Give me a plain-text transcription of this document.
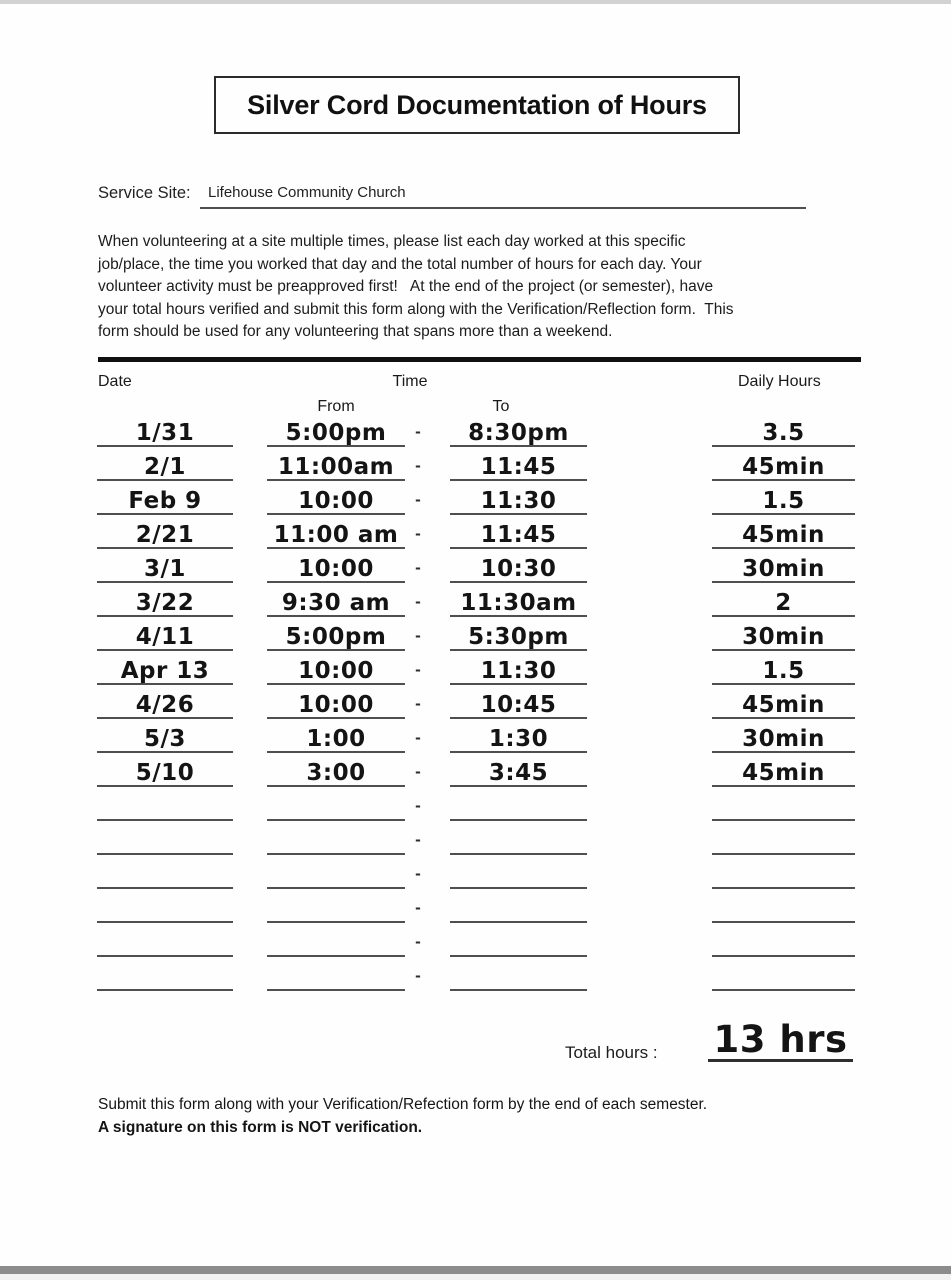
Silver Cord Documentation of Hours
Service Site: Lifehouse Community Church
When volunteering at a site multiple times, please list each day worked at this specific
job/place, the time you worked that day and the total number of hours for each day. Your
volunteer activity must be preapproved first!   At the end of the project (or semester), have
your total hours verified and submit this form along with the Verification/Reflection form.  This
form should be used for any volunteering that spans more than a weekend.
Date	Time	Daily Hours
From	To
1/31	5:00pm	-	8:30pm	3.5
2/1	11:00am	-	11:45	45min
Feb 9	10:00	-	11:30	1.5
2/21	11:00 am -	11:45	45min
3/1	10:00	-	10:30	30min
3/22	9:30 am	-	11:30am	2
4/11	5:00pm	-	5:30pm	30min
Apr 13	10:00	-	11:30	1.5
4/26	10:00	-	10:45	45min
5/3	1:00	-	1:30	30min
5/10	3:00	-	3:45	45min
-
-
-
-
-
-
Total hours : 13 hrs
Submit this form along with your Verification/Refection form by the end of each semester.
A signature on this form is NOT verification.
